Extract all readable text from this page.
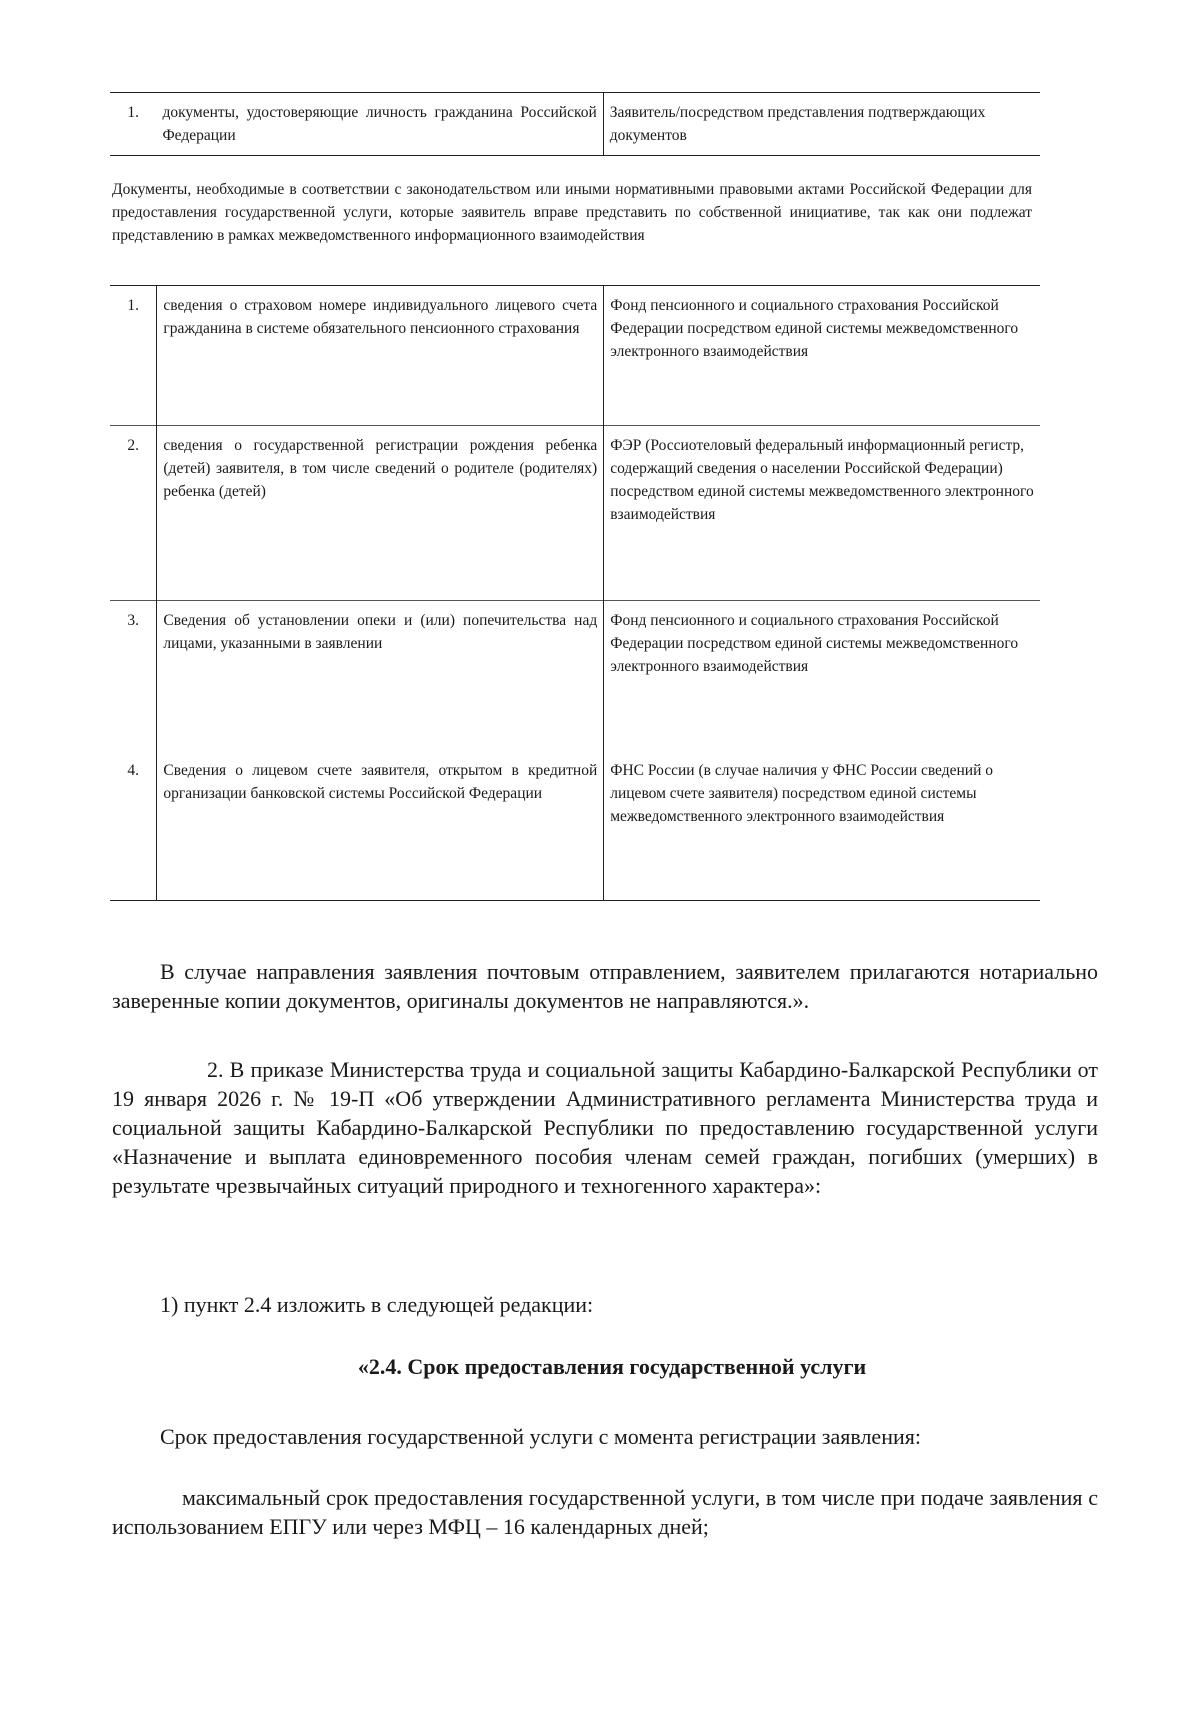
1.	документы, удостоверяющие личность гражданина Российской Федерации	Заявитель/посредством представления подтверждающих документов
Документы, необходимые в соответствии с законодательством или иными нормативными правовыми актами Российской Федерации для предоставления государственной услуги, которые заявитель вправе представить по собственной инициативе, так как они подлежат представлению в рамках межведомственного информационного взаимодействия
1.	сведения о страховом номере индивидуального лицевого счета гражданина в системе обязательного пенсионного страхования	Фонд пенсионного и социального страхования Российской Федерации посредством единой системы межведомственного электронного взаимодействия
2.	сведения о государственной регистрации рождения ребенка (детей) заявителя, в том числе сведений о родителе (родителях) ребенка (детей)	ФЭР (Россиотеловый федеральный информационный регистр, содержащий сведения о населении Российской Федерации) посредством единой системы межведомственного электронного взаимодействия
3.	Сведения об установлении опеки и (или) попечительства над лицами, указанными в заявлении	Фонд пенсионного и социального страхования Российской Федерации посредством единой системы межведомственного электронного взаимодействия
4.	Сведения о лицевом счете заявителя, открытом в кредитной организации банковской системы Российской Федерации	ФНС России (в случае наличия у ФНС России сведений о лицевом счете заявителя) посредством единой системы межведомственного электронного взаимодействия
В случае направления заявления почтовым отправлением, заявителем прилагаются нотариально заверенные копии документов, оригиналы документов не направляются.».
2. В приказе Министерства труда и социальной защиты Кабардино-Балкарской Республики от 19 января 2026 г. № 19-П «Об утверждении Административного регламента Министерства труда и социальной защиты Кабардино-Балкарской Республики по предоставлению государственной услуги «Назначение и выплата единовременного пособия членам семей граждан, погибших (умерших) в результате чрезвычайных ситуаций природного и техногенного характера»:
1) пункт 2.4 изложить в следующей редакции:
«2.4. Срок предоставления государственной услуги
Срок предоставления государственной услуги с момента регистрации заявления:
максимальный срок предоставления государственной услуги, в том числе при подаче заявления с использованием ЕПГУ или через МФЦ – 16 календарных дней;
